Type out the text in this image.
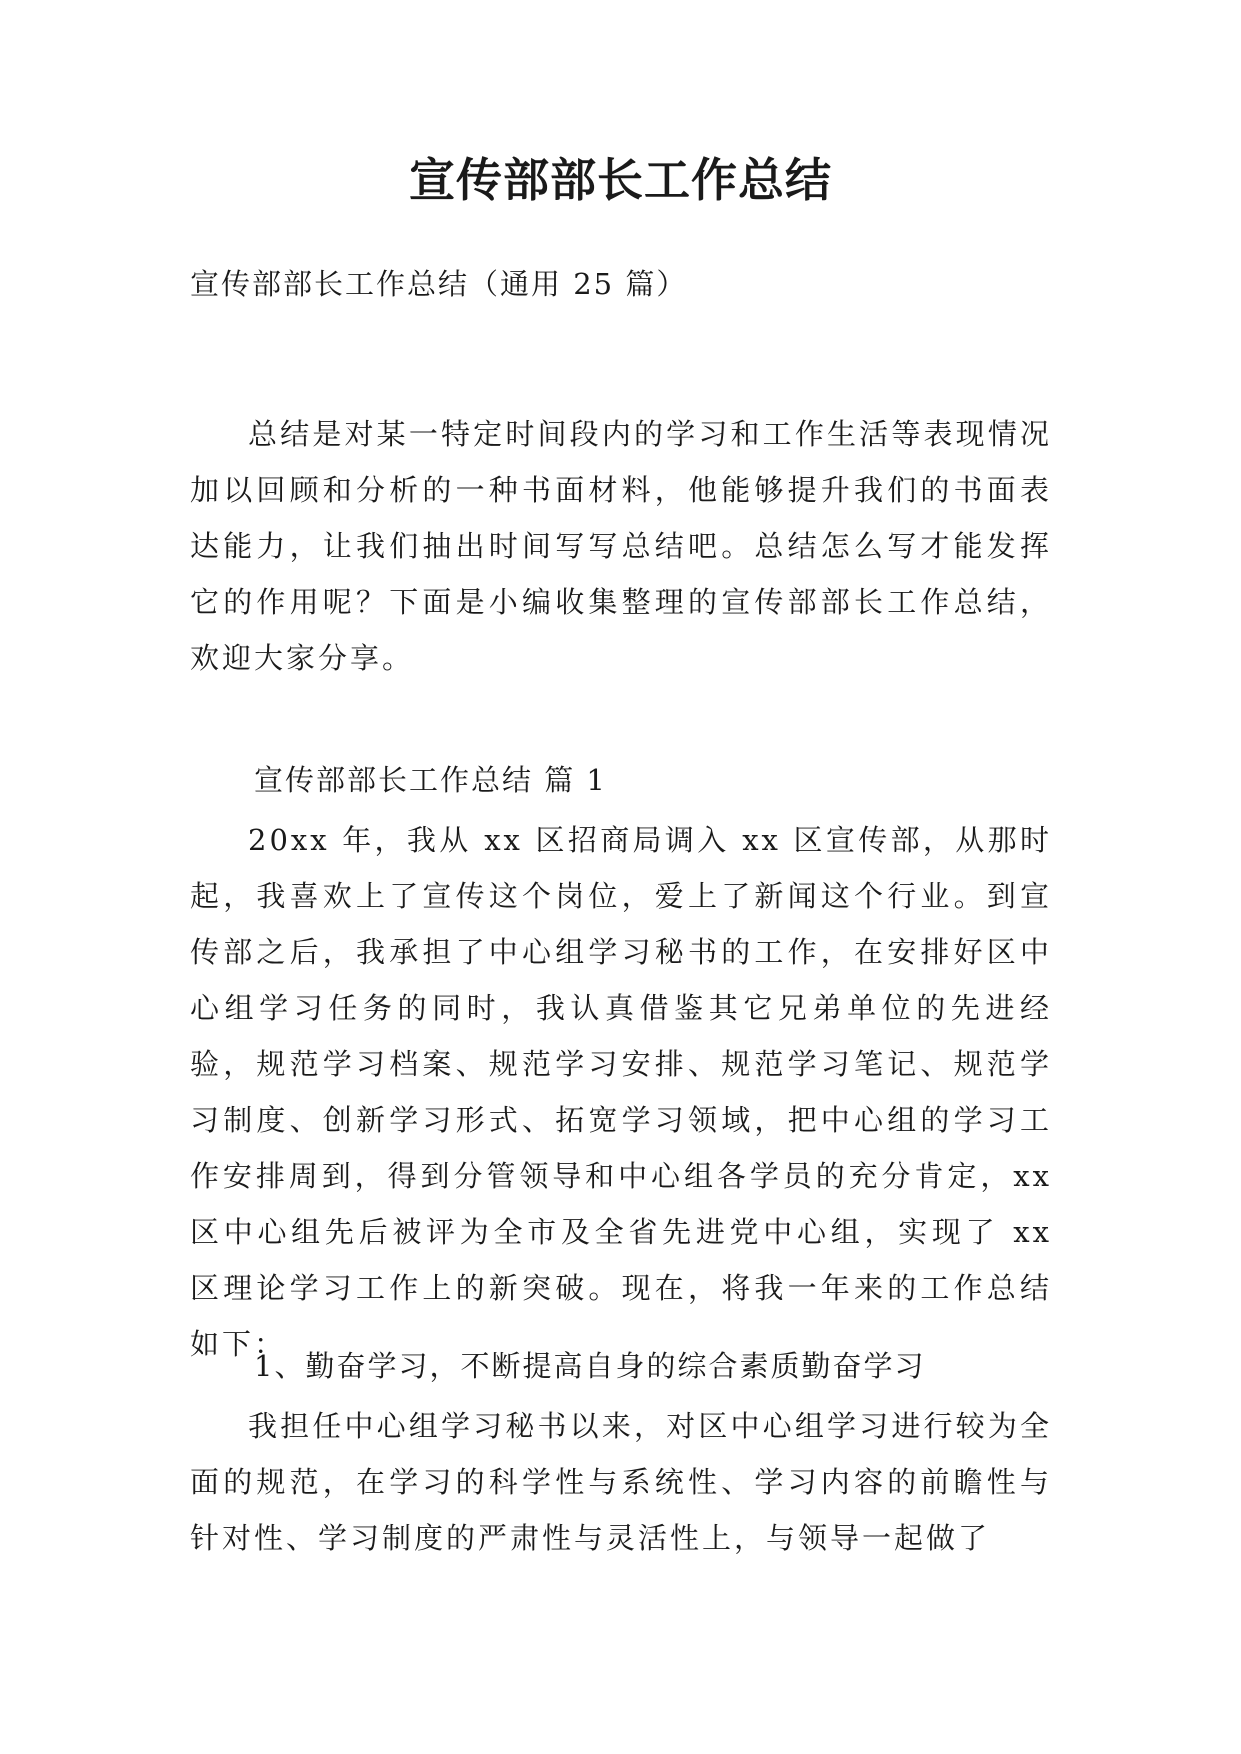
宣传部部长工作总结

宣传部部长工作总结（通用 25 篇）

总结是对某一特定时间段内的学习和工作生活等表现情况加以回顾和分析的一种书面材料，他能够提升我们的书面表达能力，让我们抽出时间写写总结吧。总结怎么写才能发挥它的作用呢？下面是小编收集整理的宣传部部长工作总结，欢迎大家分享。

宣传部部长工作总结 篇 1

20xx 年，我从 xx 区招商局调入 xx 区宣传部，从那时起，我喜欢上了宣传这个岗位，爱上了新闻这个行业。到宣传部之后，我承担了中心组学习秘书的工作，在安排好区中心组学习任务的同时，我认真借鉴其它兄弟单位的先进经验，规范学习档案、规范学习安排、规范学习笔记、规范学习制度、创新学习形式、拓宽学习领域，把中心组的学习工作安排周到，得到分管领导和中心组各学员的充分肯定，xx 区中心组先后被评为全市及全省先进党中心组，实现了 xx 区理论学习工作上的新突破。现在，将我一年来的工作总结如下：

1、勤奋学习，不断提高自身的综合素质勤奋学习

我担任中心组学习秘书以来，对区中心组学习进行较为全面的规范，在学习的科学性与系统性、学习内容的前瞻性与针对性、学习制度的严肃性与灵活性上，与领导一起做了
